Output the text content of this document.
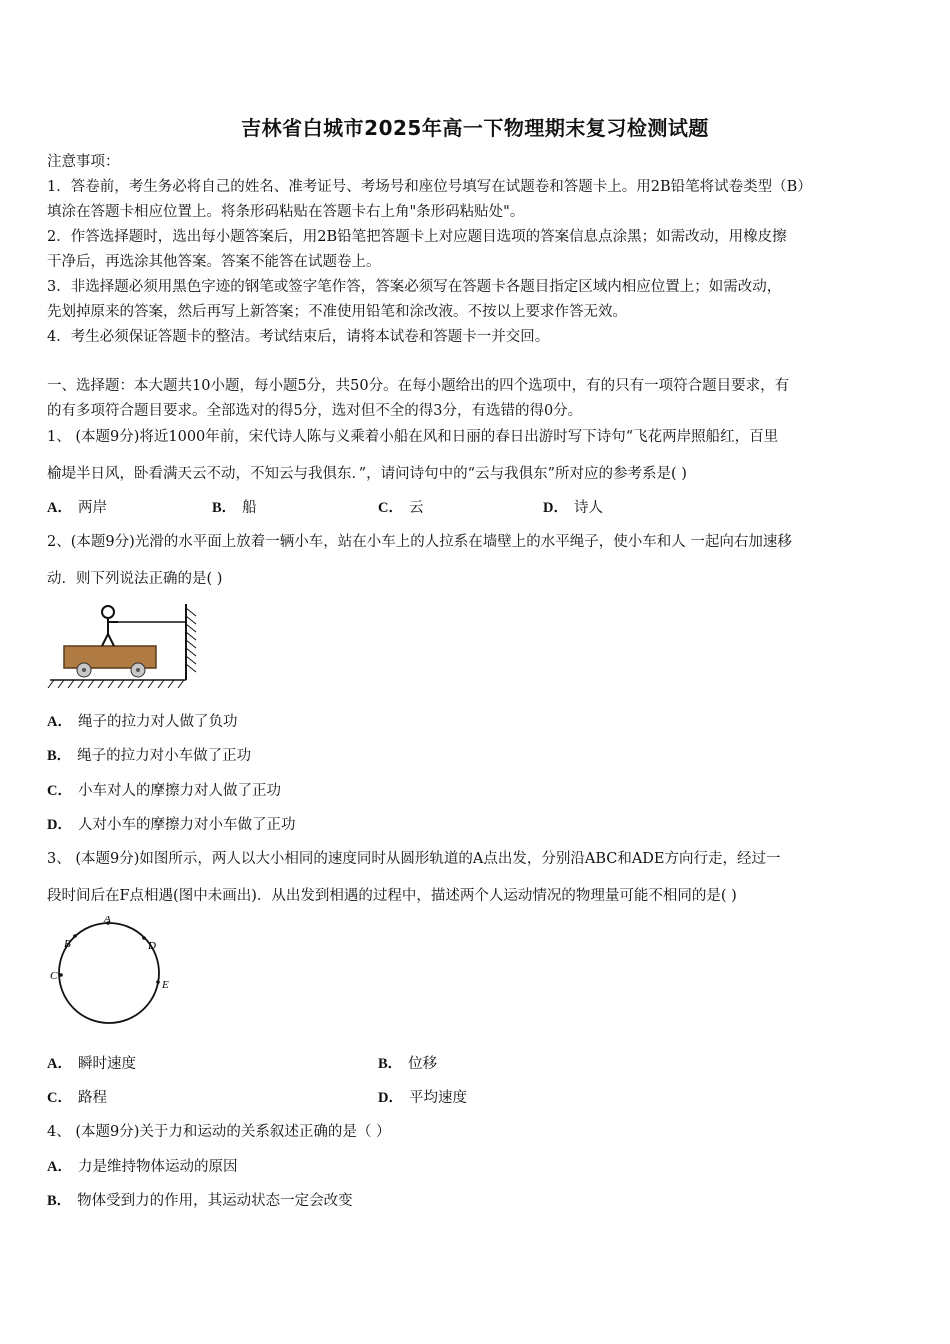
吉林省白城市2025年高一下物理期末复习检测试题
注意事项：
1．答卷前，考生务必将自己的姓名、准考证号、考场号和座位号填写在试题卷和答题卡上。用2B铅笔将试卷类型（B）
填涂在答题卡相应位置上。将条形码粘贴在答题卡右上角"条形码粘贴处"。
2．作答选择题时，选出每小题答案后，用2B铅笔把答题卡上对应题目选项的答案信息点涂黑；如需改动，用橡皮擦
干净后，再选涂其他答案。答案不能答在试题卷上。
3．非选择题必须用黑色字迹的钢笔或签字笔作答，答案必须写在答题卡各题目指定区域内相应位置上；如需改动，
先划掉原来的答案，然后再写上新答案；不准使用铅笔和涂改液。不按以上要求作答无效。
4．考生必须保证答题卡的整洁。考试结束后，请将本试卷和答题卡一并交回。
一、选择题：本大题共10小题，每小题5分，共50分。在每小题给出的四个选项中，有的只有一项符合题目要求，有
的有多项符合题目要求。全部选对的得5分，选对但不全的得3分，有选错的得0分。
1、 (本题9分)将近1000年前，宋代诗人陈与义乘着小船在风和日丽的春日出游时写下诗句“飞花两岸照船红，百里
榆堤半日风，卧看满天云不动，不知云与我俱东．”，请问诗句中的“云与我俱东”所对应的参考系是( )
A． 两岸	B． 船	C． 云	D． 诗人
2、(本题9分)光滑的水平面上放着一辆小车，站在小车上的人拉系在墙壁上的水平绳子，使小车和人 一起向右加速移
动．则下列说法正确的是( )
A． 绳子的拉力对人做了负功
B． 绳子的拉力对小车做了正功
C． 小车对人的摩擦力对人做了正功
D． 人对小车的摩擦力对小车做了正功
3、 (本题9分)如图所示，两人以大小相同的速度同时从圆形轨道的A点出发，分别沿ABC和ADE方向行走，经过一
段时间后在F点相遇(图中未画出)．从出发到相遇的过程中，描述两个人运动情况的物理量可能不相同的是( )
A
B
C
D
E
A． 瞬时速度	B． 位移
C． 路程	D． 平均速度
4、 (本题9分)关于力和运动的关系叙述正确的是（ ）
A． 力是维持物体运动的原因
B． 物体受到力的作用，其运动状态一定会改变
